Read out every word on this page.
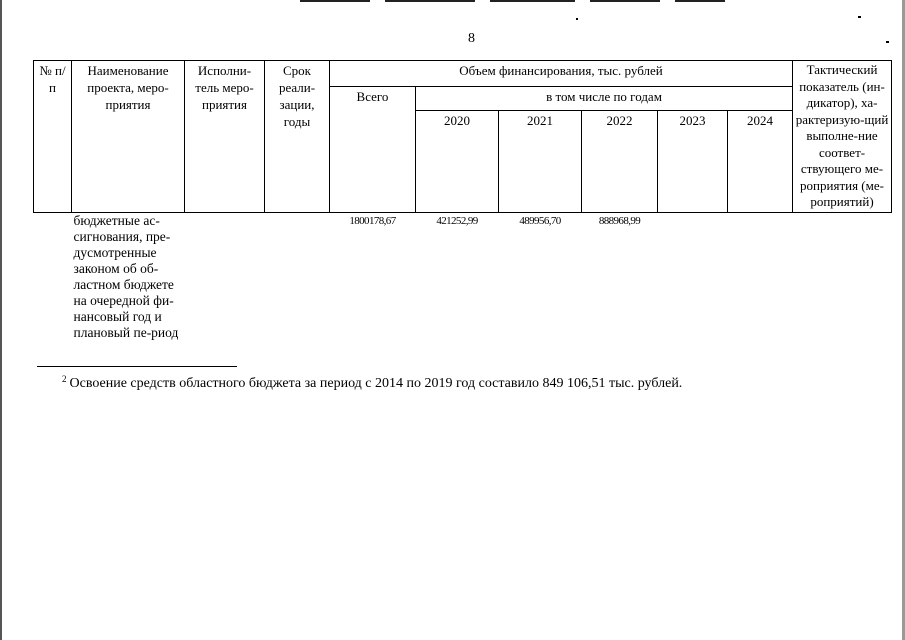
8
№ п/п	Наименование проекта, меро-приятия	Исполни-тель меро-приятия	Срок реали-зации, годы	Объем финансирования, тыс. рублей						Тактический показатель (ин-дикатор), ха-рактеризую-щий выполне-ние соответ-ствующего ме-роприятия (ме-роприятий)
				Всего	в том числе по годам					
					2020	2021	2022	2023	2024	
	бюджетные ас-сигнования, пре-дусмотренные законом об об-ластном бюджете на очередной фи-нансовый год и плановый пе-риод			1800178,67	421252,99	489956,70	888968,99			
$^2$ Освоение средств областного бюджета за период с 2014 по 2019 год составило 849 106,51 тыс. рублей.
